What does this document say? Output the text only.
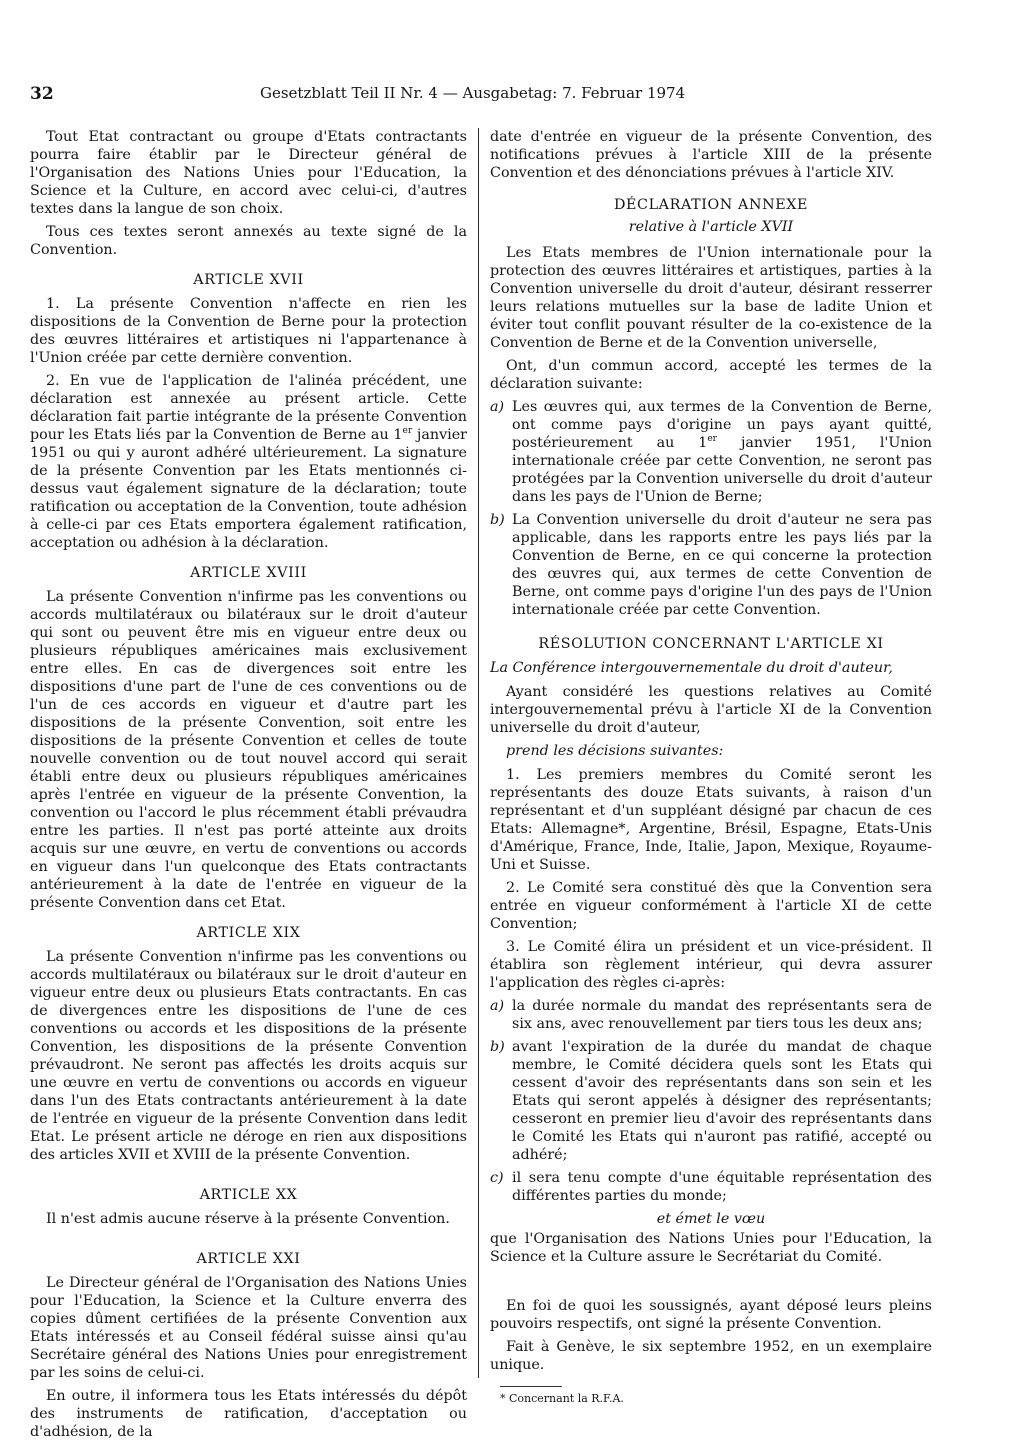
32	Gesetzblatt Teil II Nr. 4 — Ausgabetag: 7. Februar 1974

Tout Etat contractant ou groupe d'Etats contractants pourra faire établir par le Directeur général de l'Organisation des Nations Unies pour l'Education, la Science et la Culture, en accord avec celui-ci, d'autres textes dans la langue de son choix.

Tous ces textes seront annexés au texte signé de la Convention.

ARTICLE XVII

1. La présente Convention n'affecte en rien les dispositions de la Convention de Berne pour la protection des œuvres littéraires et artistiques ni l'appartenance à l'Union créée par cette dernière convention.

2. En vue de l'application de l'alinéa précédent, une déclaration est annexée au présent article. Cette déclaration fait partie intégrante de la présente Convention pour les Etats liés par la Convention de Berne au 1er janvier 1951 ou qui y auront adhéré ultérieurement. La signature de la présente Convention par les Etats mentionnés ci-dessus vaut également signature de la déclaration; toute ratification ou acceptation de la Convention, toute adhésion à celle-ci par ces Etats emportera également ratification, acceptation ou adhésion à la déclaration.

ARTICLE XVIII

La présente Convention n'infirme pas les conventions ou accords multilatéraux ou bilatéraux sur le droit d'auteur qui sont ou peuvent être mis en vigueur entre deux ou plusieurs républiques américaines mais exclusivement entre elles. En cas de divergences soit entre les dispositions d'une part de l'une de ces conventions ou de l'un de ces accords en vigueur et d'autre part les dispositions de la présente Convention, soit entre les dispositions de la présente Convention et celles de toute nouvelle convention ou de tout nouvel accord qui serait établi entre deux ou plusieurs républiques américaines après l'entrée en vigueur de la présente Convention, la convention ou l'accord le plus récemment établi prévaudra entre les parties. Il n'est pas porté atteinte aux droits acquis sur une œuvre, en vertu de conventions ou accords en vigueur dans l'un quelconque des Etats contractants antérieurement à la date de l'entrée en vigueur de la présente Convention dans cet Etat.

ARTICLE XIX

La présente Convention n'infirme pas les conventions ou accords multilatéraux ou bilatéraux sur le droit d'auteur en vigueur entre deux ou plusieurs Etats contractants. En cas de divergences entre les dispositions de l'une de ces conventions ou accords et les dispositions de la présente Convention, les dispositions de la présente Convention prévaudront. Ne seront pas affectés les droits acquis sur une œuvre en vertu de conventions ou accords en vigueur dans l'un des Etats contractants antérieurement à la date de l'entrée en vigueur de la présente Convention dans ledit Etat. Le présent article ne déroge en rien aux dispositions des articles XVII et XVIII de la présente Convention.

ARTICLE XX

Il n'est admis aucune réserve à la présente Convention.

ARTICLE XXI

Le Directeur général de l'Organisation des Nations Unies pour l'Education, la Science et la Culture enverra des copies dûment certifiées de la présente Convention aux Etats intéressés et au Conseil fédéral suisse ainsi qu'au Secrétaire général des Nations Unies pour enregistrement par les soins de celui-ci.

En outre, il informera tous les Etats intéressés du dépôt des instruments de ratification, d'acceptation ou d'adhésion, de la

date d'entrée en vigueur de la présente Convention, des notifications prévues à l'article XIII de la présente Convention et des dénonciations prévues à l'article XIV.

DÉCLARATION ANNEXE
relative à l'article XVII

Les Etats membres de l'Union internationale pour la protection des œuvres littéraires et artistiques, parties à la Convention universelle du droit d'auteur, désirant resserrer leurs relations mutuelles sur la base de ladite Union et éviter tout conflit pouvant résulter de la co-existence de la Convention de Berne et de la Convention universelle,

Ont, d'un commun accord, accepté les termes de la déclaration suivante:

a) Les œuvres qui, aux termes de la Convention de Berne, ont comme pays d'origine un pays ayant quitté, postérieurement au 1er janvier 1951, l'Union internationale créée par cette Convention, ne seront pas protégées par la Convention universelle du droit d'auteur dans les pays de l'Union de Berne;
b) La Convention universelle du droit d'auteur ne sera pas applicable, dans les rapports entre les pays liés par la Convention de Berne, en ce qui concerne la protection des œuvres qui, aux termes de cette Convention de Berne, ont comme pays d'origine l'un des pays de l'Union internationale créée par cette Convention.
RÉSOLUTION CONCERNANT L'ARTICLE XI
La Conférence intergouvernementale du droit d'auteur,

Ayant considéré les questions relatives au Comité intergouvernemental prévu à l'article XI de la Convention universelle du droit d'auteur,

prend les décisions suivantes:

1. Les premiers membres du Comité seront les représentants des douze Etats suivants, à raison d'un représentant et d'un suppléant désigné par chacun de ces Etats: Allemagne*, Argentine, Brésil, Espagne, Etats-Unis d'Amérique, France, Inde, Italie, Japon, Mexique, Royaume-Uni et Suisse.

2. Le Comité sera constitué dès que la Convention sera entrée en vigueur conformément à l'article XI de cette Convention;

3. Le Comité élira un président et un vice-président. Il établira son règlement intérieur, qui devra assurer l'application des règles ci-après:

a) la durée normale du mandat des représentants sera de six ans, avec renouvellement par tiers tous les deux ans;
b) avant l'expiration de la durée du mandat de chaque membre, le Comité décidera quels sont les Etats qui cessent d'avoir des représentants dans son sein et les Etats qui seront appelés à désigner des représentants; cesseront en premier lieu d'avoir des représentants dans le Comité les Etats qui n'auront pas ratifié, accepté ou adhéré;
c) il sera tenu compte d'une équitable représentation des différentes parties du monde;
et émet le vœu

que l'Organisation des Nations Unies pour l'Education, la Science et la Culture assure le Secrétariat du Comité.

En foi de quoi les soussignés, ayant déposé leurs pleins pouvoirs respectifs, ont signé la présente Convention.

Fait à Genève, le six septembre 1952, en un exemplaire unique.

* Concernant la R.F.A.
